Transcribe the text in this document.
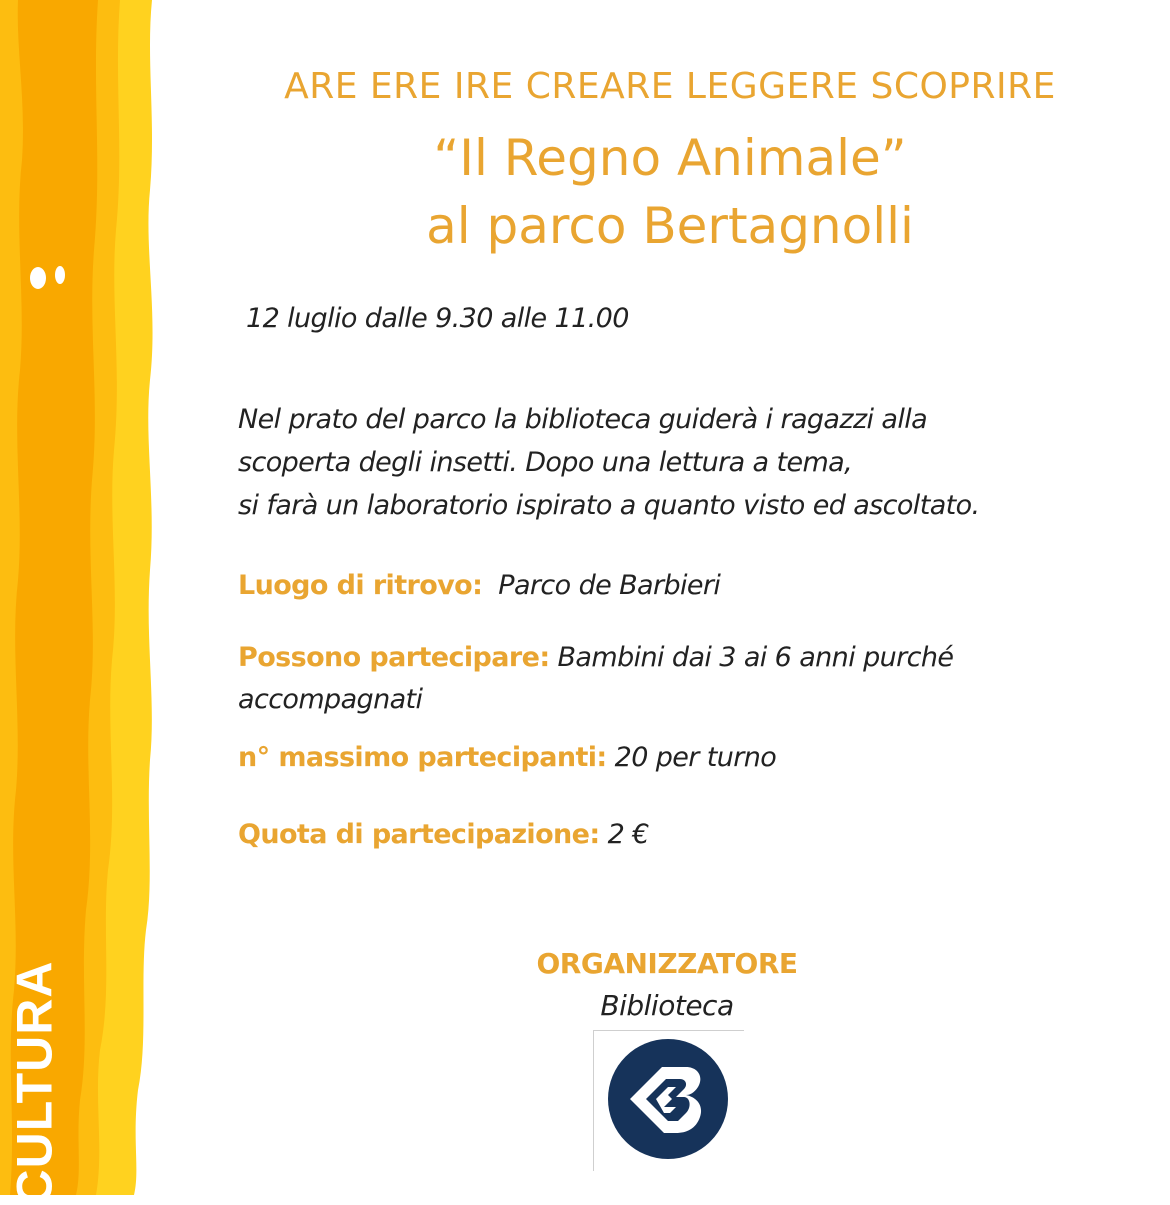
CULTURA
ARE ERE IRE CREARE LEGGERE SCOPRIRE
“Il Regno Animale”
al parco Bertagnolli
12 luglio dalle 9.30 alle 11.00
Nel prato del parco la biblioteca guiderà i ragazzi alla
scoperta degli insetti. Dopo una lettura a tema,
si farà un laboratorio ispirato a quanto visto ed ascoltato.
Luogo di ritrovo: Parco de Barbieri
Possono partecipare: Bambini dai 3 ai 6 anni purché
accompagnati
n° massimo partecipanti: 20 per turno
Quota di partecipazione: 2 €
ORGANIZZATORE
Biblioteca
